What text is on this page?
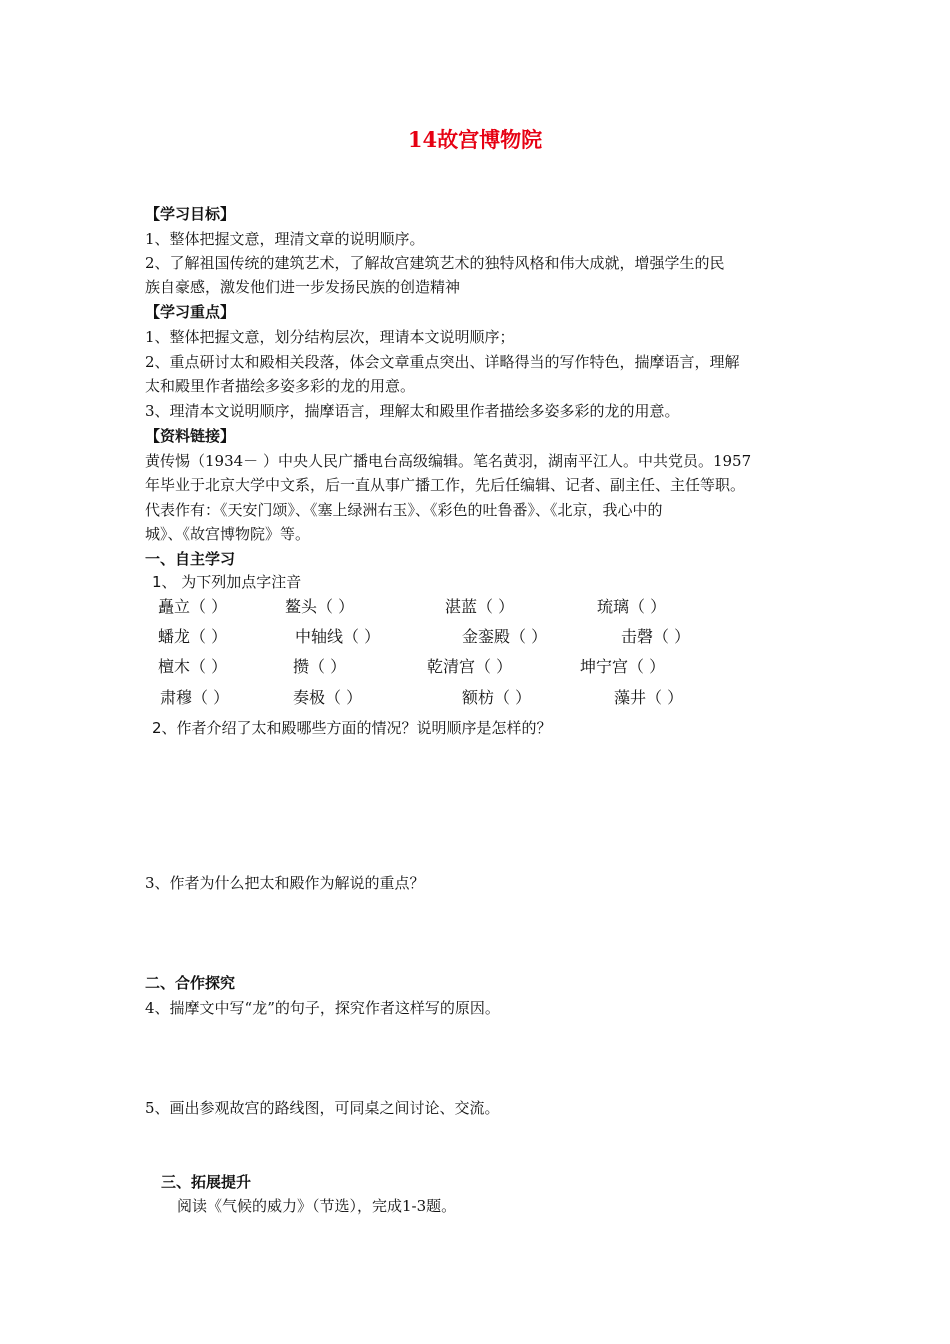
14故宫博物院
【学习目标】
1、整体把握文意，理清文章的说明顺序。
2、了解祖国传统的建筑艺术，了解故宫建筑艺术的独特风格和伟大成就，增强学生的民
族自豪感，激发他们进一步发扬民族的创造精神
【学习重点】
1、整体把握文意，划分结构层次，理请本文说明顺序；
2、重点研讨太和殿相关段落，体会文章重点突出、详略得当的写作特色，揣摩语言，理解
太和殿里作者描绘多姿多彩的龙的用意。
3、理清本文说明顺序，揣摩语言，理解太和殿里作者描绘多姿多彩的龙的用意。
【资料链接】
黄传惕（1934－ ）中央人民广播电台高级编辑。笔名黄羽，湖南平江人。中共党员。1957
年毕业于北京大学中文系，后一直从事广播工作，先后任编辑、记者、副主任、主任等职。
代表作有：《天安门颂》、《塞上绿洲右玉》、《彩色的吐鲁番》、《北京，我心中的
城》、《故宫博物院》等。
一、自主学习
1、 为下列加点字注音
矗立（ ）	鳌头（ ）	湛蓝（ ）	琉璃（ ）
蟠龙（ ）	中轴线（ ）	金銮殿（ ）	击磬（ ）
檀木（ ）	攒（ ）	乾清宫（ ）	坤宁宫（ ）
肃穆（ ）	奏极（ ）	额枋（ ）	藻井（ ）
2、作者介绍了太和殿哪些方面的情况？说明顺序是怎样的？
3、作者为什么把太和殿作为解说的重点？
二、合作探究
4、揣摩文中写“龙”的句子，探究作者这样写的原因。
5、画出参观故宫的路线图，可同桌之间讨论、交流。
三、拓展提升
阅读《气候的威力》（节选），完成1-3题。
